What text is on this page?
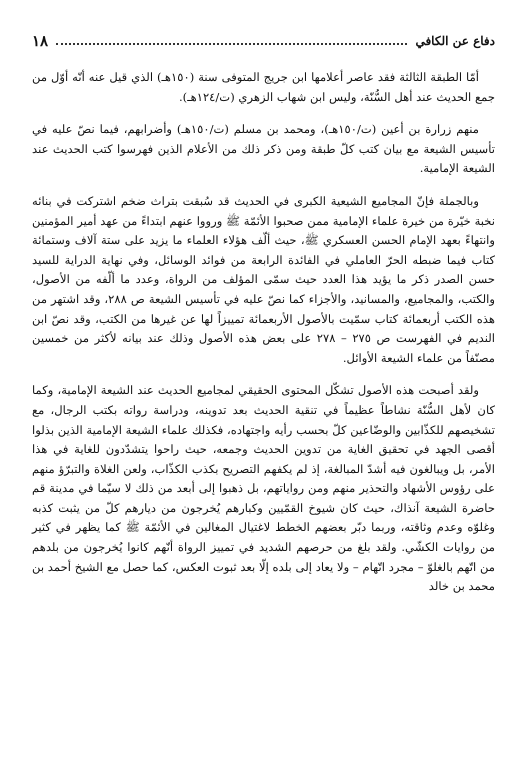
١٨	دفاع عن الكافي

أمّا الطبقة الثالثة فقد عاصر أعلامها ابن جريج المتوفى سنة (١٥٠هـ) الذي قيل عنه أنّه أوّل من جمع الحديث عند أهل السُّنّة، وليس ابن شهاب الزهري (ت/١٢٤هـ).

منهم زرارة بن أعين (ت/١٥٠هـ)، ومحمد بن مسلم (ت/١٥٠هـ) وأضرابهم، فيما نصّ عليه في تأسيس الشيعة مع بيان كتب كلّ طبقة ومن ذكر ذلك من الأعلام الذين فهرسوا كتب الحديث عند الشيعة الإمامية.

وبالجملة فإنّ المجاميع الشيعية الكبرى في الحديث قد سُبقت بتراث ضخم اشتركت في بنائه نخبة خيّرة من خيرة علماء الإمامية ممن صحبوا الأئمّة ﷺ ورووا عنهم ابتداءً من عهد أمير المؤمنين وانتهاءً بعهد الإمام الحسن العسكري ﷺ، حيث ألّف هؤلاء العلماء ما يزيد على ستة آلاف وستمائة كتاب فيما ضبطه الحرّ العاملي في الفائدة الرابعة من فوائد الوسائل، وفي نهاية الدراية للسيد حسن الصدر ذكر ما يؤيد هذا العدد حيث سمّى المؤلف من الرواة، وعدد ما ألّفه من الأصول، والكتب، والمجاميع، والمسانيد، والأجزاء كما نصّ عليه في تأسيس الشيعة ص ٢٨٨، وقد اشتهر من هذه الكتب أربعمائة كتاب سمّيت بالأصول الأربعمائة تمييزاً لها عن غيرها من الكتب، وقد نصّ ابن النديم في الفهرست ص ٢٧٥ – ٢٧٨ على بعض هذه الأصول وذلك عند بيانه لأكثر من خمسين مصنّفاً من علماء الشيعة الأوائل.

ولقد أصبحت هذه الأصول تشكّل المحتوى الحقيقي لمجاميع الحديث عند الشيعة الإمامية، وكما كان لأهل السُّنّة نشاطاً عظيماً في تنقية الحديث بعد تدوينه، ودراسة رواته بكتب الرجال، مع تشخيصهم للكذّابين والوضّاعين كلّ بحسب رأيه واجتهاده، فكذلك علماء الشيعة الإمامية الذين بذلوا أقصى الجهد في تحقيق الغاية من تدوين الحديث وجمعه، حيث راحوا يتشدّدون للغاية في هذا الأمر، بل ويبالغون فيه أشدّ المبالغة، إذ لم يكفهم التصريح بكذب الكذّاب، ولعن الغلاة والتبرّؤ منهم على رؤوس الأشهاد والتحذير منهم ومن رواياتهم، بل ذهبوا إلى أبعد من ذلك لا سيّما في مدينة قم حاضرة الشيعة آنذاك، حيث كان شيوخ القمّيين وكبارهم يُخرجون من ديارهم كلّ من يثبت كذبه وغلوّه وعدم وثاقته، وربما دبّر بعضهم الخطط لاغتيال المغالين في الأئمّة ﷺ كما يظهر في كثير من روايات الكشّي. ولقد بلغ من حرصهم الشديد في تمييز الرواة أنّهم كانوا يُخرجون من بلدهم من اتّهم بالغلوّ – مجرد اتّهام – ولا يعاد إلى بلده إلّا بعد ثبوت العكس، كما حصل مع الشيخ أحمد بن محمد بن خالد
